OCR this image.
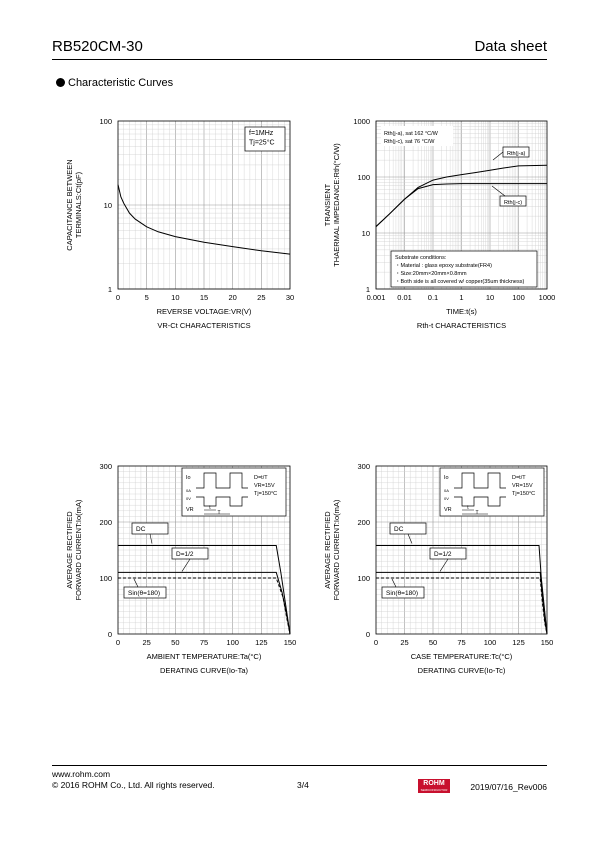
RB520CM-30	Data sheet
Characteristic Curves
0	5	10	15	20	25	30
1
10
100
REVERSE VOLTAGE:VR(V)
VR-Ct CHARACTERISTICS
CAPACITANCE BETWEEN TERMINALS:Ct(pF)
f=1MHz
Tj=25°C
0.001 0.01 0.1	1	10 100 1000
1
10
100
1000
TIME:t(s)
Rth-t CHARACTERISTICS
TRANSIENT THAERMAL IMPEDANCE:Rth(°C/W)
Rth(j-a), sat 162 °C/W
Rth(j-c), sat 76 °C/W
Rth(j-a)
Rth(j-c)
Substrate conditions:
・Material : glass epoxy substrate(FR4)
・Size:20mm×20mm×0.8mm
・Both side is all covered w/ copper(35um thickness)
0	25	50	75 100 125 150
0
100
200
300
AMBIENT TEMPERATURE:Ta(°C)
DERATING CURVE(Io-Ta)
AVERAGE RECTIFIED FORWARD CURRENT:Io(mA)
Io
0A
0V
VR	t
T
D=t/T
VR=15V
Tj=150°C
DC
D=1/2
Sin(θ=180)
0	25	50	75 100 125 150
0
100
200
300
CASE TEMPERATURE:Tc(°C)
DERATING CURVE(Io-Tc)
AVERAGE RECTIFIED FORWARD CURRENT:Io(mA)
Io
0A
0V
VR	t
T
D=t/T
VR=15V
Tj=150°C
DC
D=1/2
Sin(θ=180)
www.rohm.com
© 2016 ROHM Co., Ltd. All rights reserved.	3/4	ROHM
SEMICONDUCTOR	2019/07/16_Rev006
